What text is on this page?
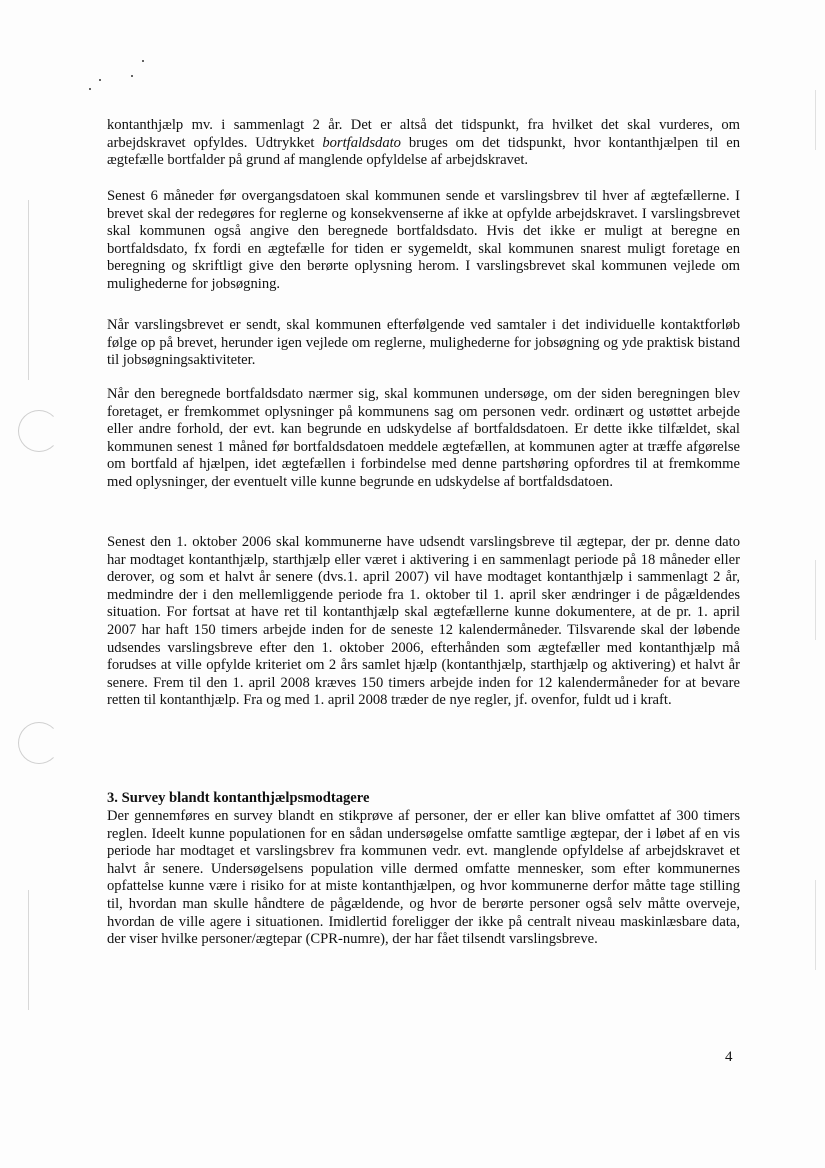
kontanthjælp mv. i sammenlagt 2 år. Det er altså det tidspunkt, fra hvilket det skal vurderes, om arbejdskravet opfyldes. Udtrykket bortfaldsdato bruges om det tidspunkt, hvor kontanthjælpen til en ægtefælle bortfalder på grund af manglende opfyldelse af arbejdskravet.

Senest 6 måneder før overgangsdatoen skal kommunen sende et varslingsbrev til hver af ægtefællerne. I brevet skal der redegøres for reglerne og konsekvenserne af ikke at opfylde arbejdskravet. I varslingsbrevet skal kommunen også angive den beregnede bortfaldsdato. Hvis det ikke er muligt at beregne en bortfaldsdato, fx fordi en ægtefælle for tiden er sygemeldt, skal kommunen snarest muligt foretage en beregning og skriftligt give den berørte oplysning herom. I varslingsbrevet skal kommunen vejlede om mulighederne for jobsøgning.

Når varslingsbrevet er sendt, skal kommunen efterfølgende ved samtaler i det individuelle kontaktforløb følge op på brevet, herunder igen vejlede om reglerne, mulighederne for jobsøgning og yde praktisk bistand til jobsøgningsaktiviteter.

Når den beregnede bortfaldsdato nærmer sig, skal kommunen undersøge, om der siden beregningen blev foretaget, er fremkommet oplysninger på kommunens sag om personen vedr. ordinært og ustøttet arbejde eller andre forhold, der evt. kan begrunde en udskydelse af bortfaldsdatoen. Er dette ikke tilfældet, skal kommunen senest 1 måned før bortfaldsdatoen meddele ægtefællen, at kommunen agter at træffe afgørelse om bortfald af hjælpen, idet ægtefællen i forbindelse med denne partshøring opfordres til at fremkomme med oplysninger, der eventuelt ville kunne begrunde en udskydelse af bortfaldsdatoen.

Senest den 1. oktober 2006 skal kommunerne have udsendt varslingsbreve til ægtepar, der pr. denne dato har modtaget kontanthjælp, starthjælp eller været i aktivering i en sammenlagt periode på 18 måneder eller derover, og som et halvt år senere (dvs.1. april 2007) vil have modtaget kontanthjælp i sammenlagt 2 år, medmindre der i den mellemliggende periode fra 1. oktober til 1. april sker ændringer i de pågældendes situation. For fortsat at have ret til kontanthjælp skal ægtefællerne kunne dokumentere, at de pr. 1. april 2007 har haft 150 timers arbejde inden for de seneste 12 kalendermåneder. Tilsvarende skal der løbende udsendes varslingsbreve efter den 1. oktober 2006, efterhånden som ægtefæller med kontanthjælp må forudses at ville opfylde kriteriet om 2 års samlet hjælp (kontanthjælp, starthjælp og aktivering) et halvt år senere. Frem til den 1. april 2008 kræves 150 timers arbejde inden for 12 kalendermåneder for at bevare retten til kontanthjælp. Fra og med 1. april 2008 træder de nye regler, jf. ovenfor, fuldt ud i kraft.

3. Survey blandt kontanthjælpsmodtagere

Der gennemføres en survey blandt en stikprøve af personer, der er eller kan blive omfattet af 300 timers reglen. Ideelt kunne populationen for en sådan undersøgelse omfatte samtlige ægtepar, der i løbet af en vis periode har modtaget et varslingsbrev fra kommunen vedr. evt. manglende opfyldelse af arbejdskravet et halvt år senere. Undersøgelsens population ville dermed omfatte mennesker, som efter kommunernes opfattelse kunne være i risiko for at miste kontanthjælpen, og hvor kommunerne derfor måtte tage stilling til, hvordan man skulle håndtere de pågældende, og hvor de berørte personer også selv måtte overveje, hvordan de ville agere i situationen. Imidlertid foreligger der ikke på centralt niveau maskinlæsbare data, der viser hvilke personer/ægtepar (CPR-numre), der har fået tilsendt varslingsbreve.

4
